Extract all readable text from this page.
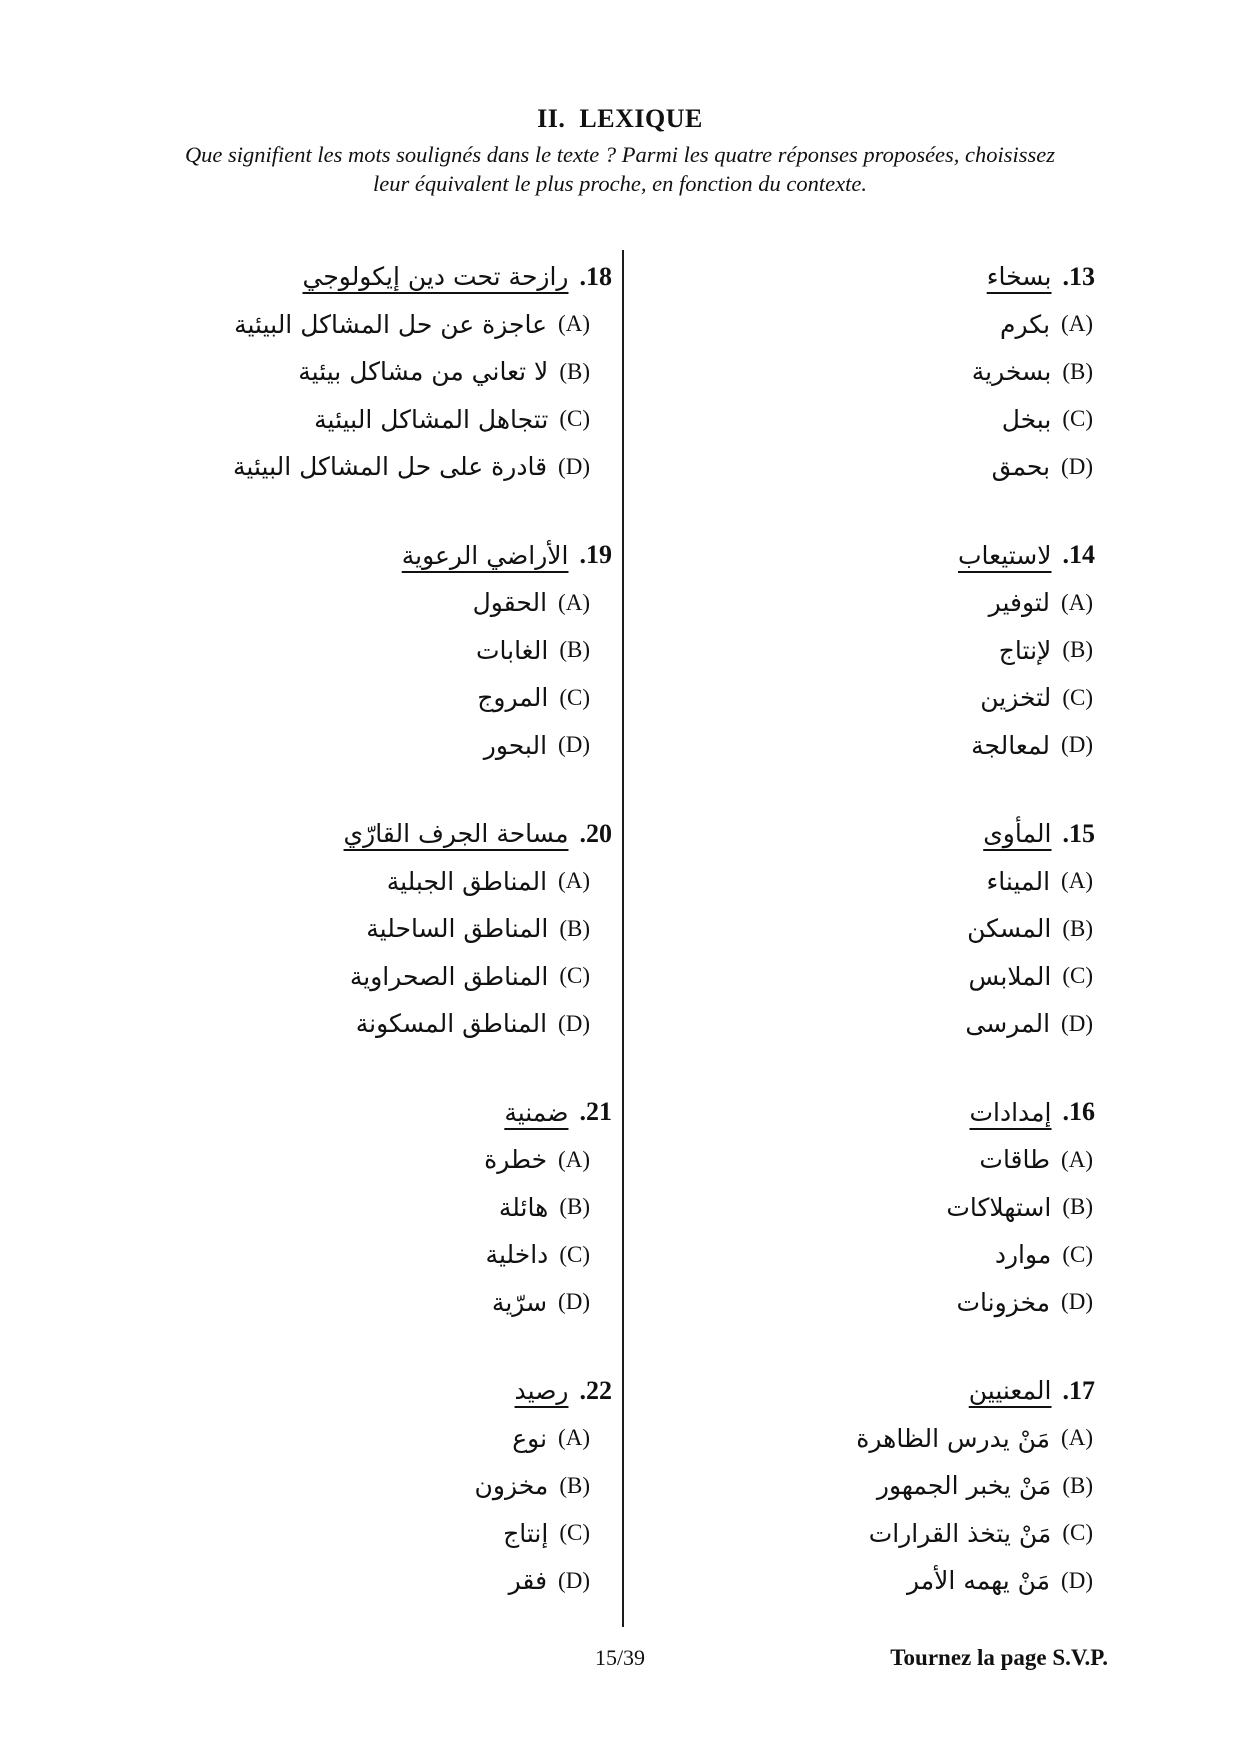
II.  LEXIQUE
Que signifient les mots soulignés dans le texte ? Parmi les quatre réponses proposées, choisissez
leur équivalent le plus proche, en fonction du contexte.
13.
بسخاء
(A)
بكرم
(B)
بسخرية
(C)
ببخل
(D)
بحمق
14.
لاستيعاب
(A)
لتوفير
(B)
لإنتاج
(C)
لتخزين
(D)
لمعالجة
15.
المأوى
(A)
الميناء
(B)
المسكن
(C)
الملابس
(D)
المرسى
16.
إمدادات
(A)
طاقات
(B)
استهلاكات
(C)
موارد
(D)
مخزونات
17.
المعنيين
(A)
مَنْ يدرس الظاهرة
(B)
مَنْ يخبر الجمهور
(C)
مَنْ يتخذ القرارات
(D)
مَنْ يهمه الأمر
18.
رازحة تحت دين إيكولوجي
(A)
عاجزة عن حل المشاكل البيئية
(B)
لا تعاني من مشاكل بيئية
(C)
تتجاهل المشاكل البيئية
(D)
قادرة على حل المشاكل البيئية
19.
الأراضي الرعوية
(A)
الحقول
(B)
الغابات
(C)
المروج
(D)
البحور
20.
مساحة الجرف القارّي
(A)
المناطق الجبلية
(B)
المناطق الساحلية
(C)
المناطق الصحراوية
(D)
المناطق المسكونة
21.
ضمنية
(A)
خطرة
(B)
هائلة
(C)
داخلية
(D)
سرّية
22.
رصيد
(A)
نوع
(B)
مخزون
(C)
إنتاج
(D)
فقر
15/39	Tournez la page S.V.P.
